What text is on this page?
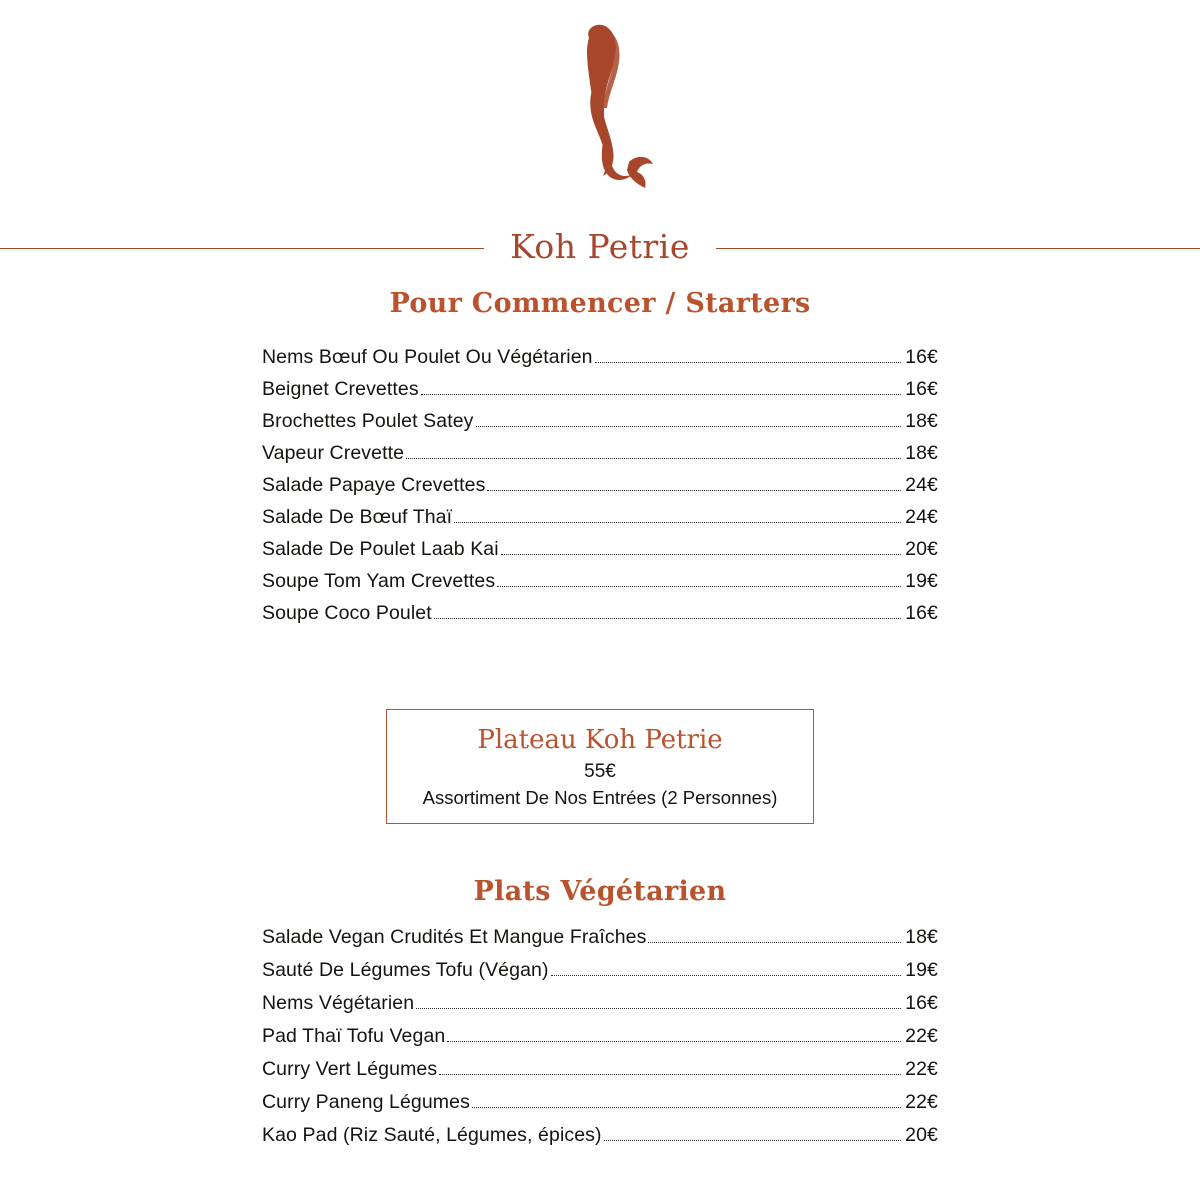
Koh Petrie
Pour Commencer / Starters
Nems Bœuf Ou Poulet Ou Végétarien	16€
Beignet Crevettes	16€
Brochettes Poulet Satey	18€
Vapeur Crevette	18€
Salade Papaye Crevettes	24€
Salade De Bœuf Thaï	24€
Salade De Poulet Laab Kai	20€
Soupe Tom Yam Crevettes	19€
Soupe Coco Poulet	16€
Plateau Koh Petrie
55€
Assortiment De Nos Entrées (2 Personnes)
Plats Végétarien
Salade Vegan Crudités Et Mangue Fraîches	18€
Sauté De Légumes Tofu (Végan)	19€
Nems Végétarien	16€
Pad Thaï Tofu Vegan	22€
Curry Vert Légumes	22€
Curry Paneng Légumes	22€
Kao Pad (Riz Sauté, Légumes, épices)	20€
